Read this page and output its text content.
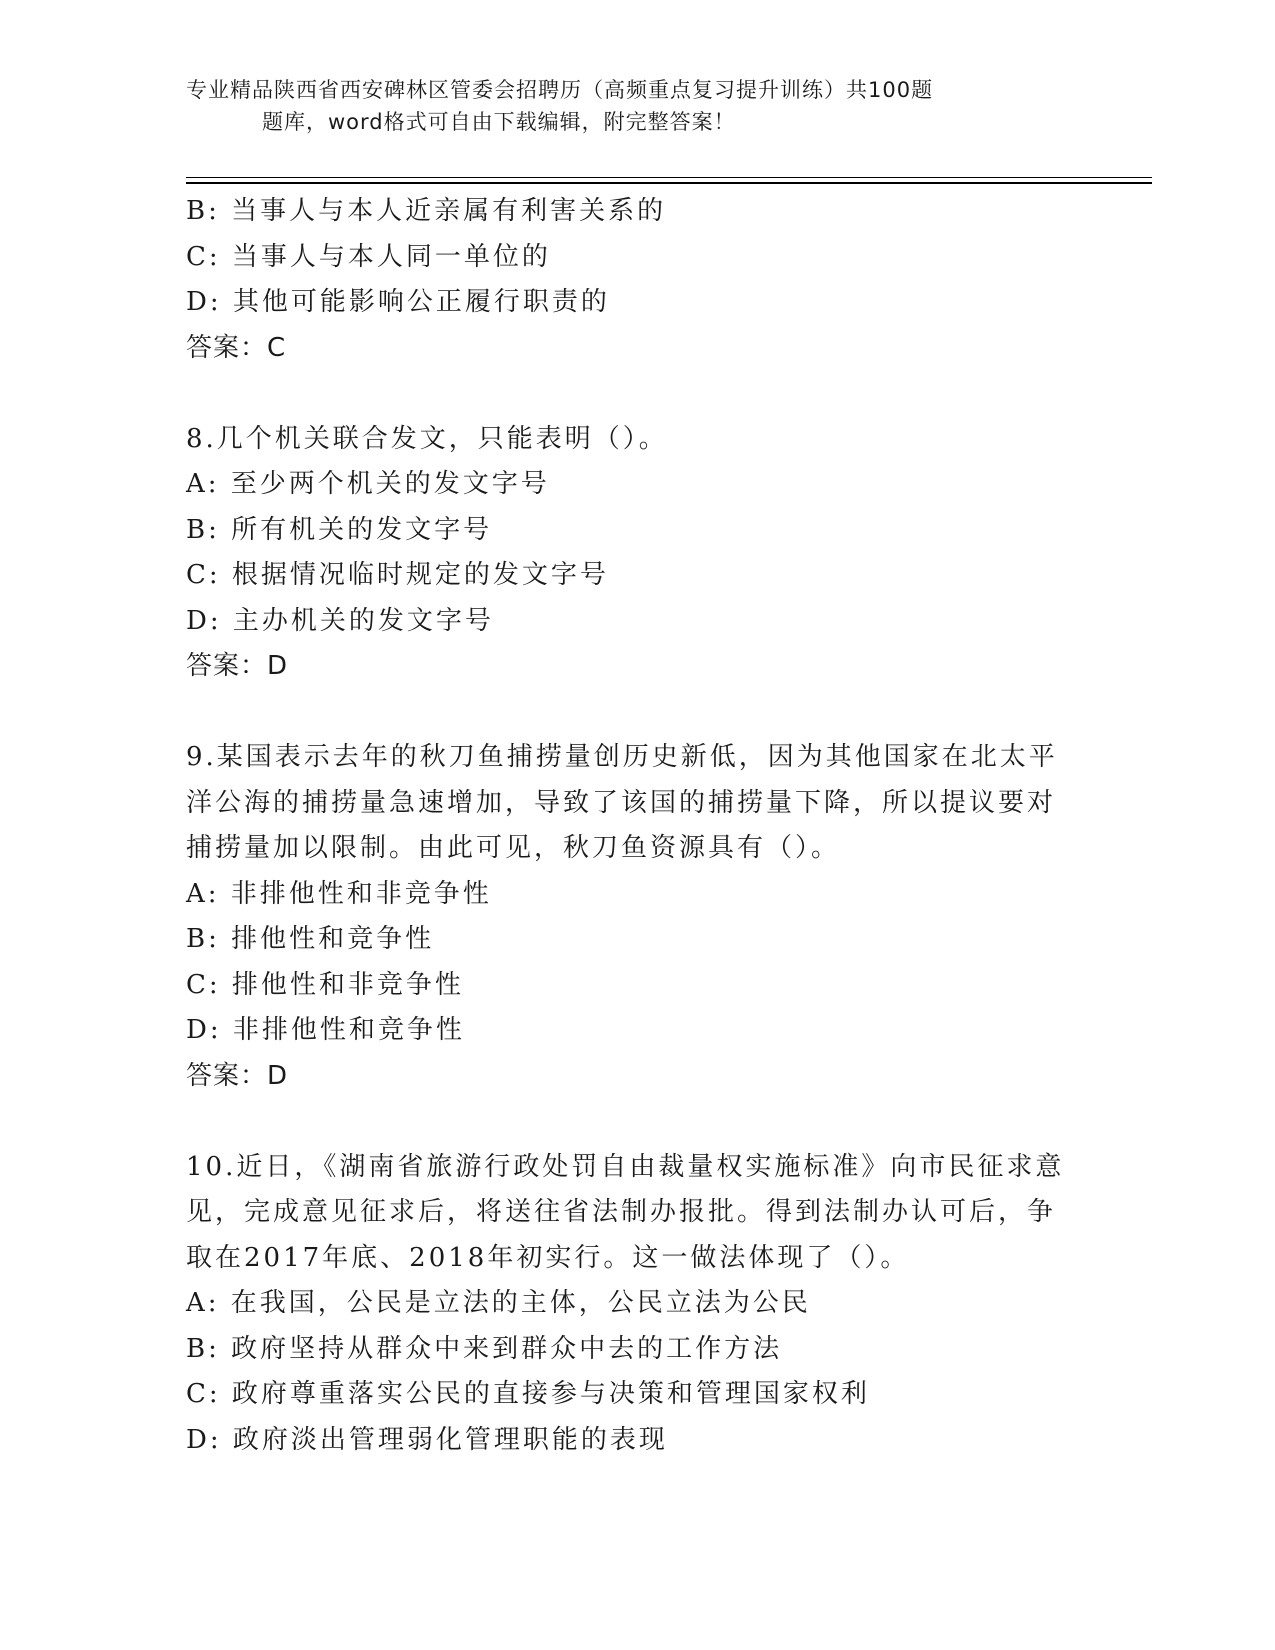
专业精品陕西省西安碑林区管委会招聘历（高频重点复习提升训练）共100题
题库，word格式可自由下载编辑，附完整答案！
B: 当事人与本人近亲属有利害关系的
C: 当事人与本人同一单位的
D: 其他可能影响公正履行职责的
答案：C
8.几个机关联合发文，只能表明（）。
A: 至少两个机关的发文字号
B: 所有机关的发文字号
C: 根据情况临时规定的发文字号
D: 主办机关的发文字号
答案：D
9.某国表示去年的秋刀鱼捕捞量创历史新低，因为其他国家在北太平
洋公海的捕捞量急速增加，导致了该国的捕捞量下降，所以提议要对
捕捞量加以限制。由此可见，秋刀鱼资源具有（）。
A: 非排他性和非竞争性
B: 排他性和竞争性
C: 排他性和非竞争性
D: 非排他性和竞争性
答案：D
10.近日，《湖南省旅游行政处罚自由裁量权实施标准》向市民征求意
见，完成意见征求后，将送往省法制办报批。得到法制办认可后，争
取在2017年底、2018年初实行。这一做法体现了（）。
A: 在我国，公民是立法的主体，公民立法为公民
B: 政府坚持从群众中来到群众中去的工作方法
C: 政府尊重落实公民的直接参与决策和管理国家权利
D: 政府淡出管理弱化管理职能的表现
